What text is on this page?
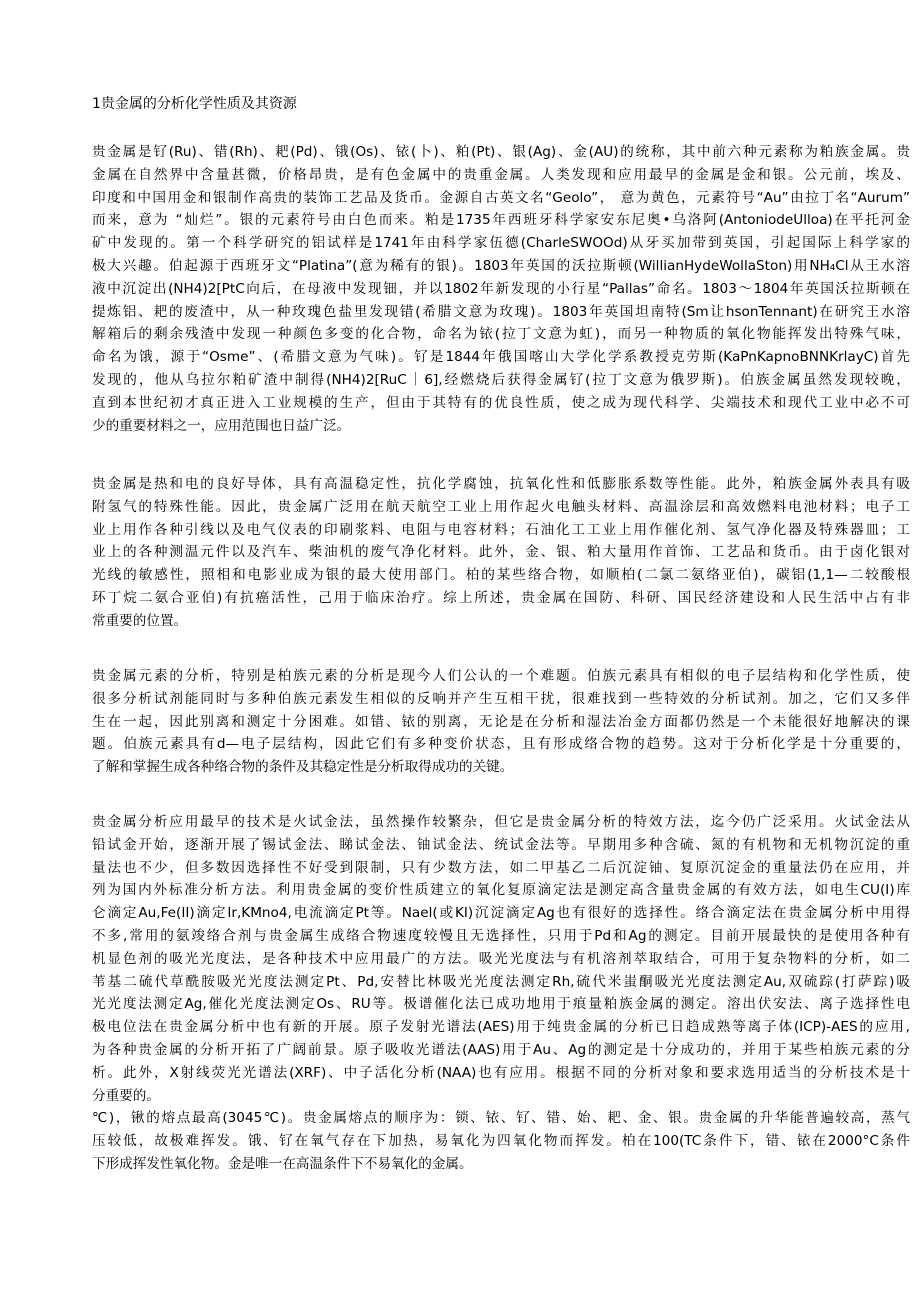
1贵金属的分析化学性质及其资源
贵金属是钌(Ru)、错(Rh)、耙(Pd)、锇(Os)、铱(卜)、粕(Pt)、银(Ag)、金(AU)的统称，其中前六种元素称为粕族金属。贵
金属在自然界中含量甚微，价格昂贵，是有色金属中的贵重金属。人类发现和应用最早的金属是金和银。公元前，埃及、
印度和中国用金和银制作高贵的装饰工艺品及货币。金源自古英文名“Geolo”， 意为黄色，元素符号“Au”由拉丁名“Aurum”
而来，意为 “灿烂”。银的元素符号由白色而来。粕是1735年西班牙科学家安东尼奥•乌洛阿(AntoniodeUlloa)在平托河金
矿中发现的。第一个科学研究的铝试样是1741年由科学家伍德(CharleSWOOd)从牙买加带到英国，引起国际上科学家的
极大兴趣。伯起源于西班牙文“Platina”(意为稀有的银)。1803年英国的沃拉斯顿(WillianHydeWollaSton)用NH₄Cl从王水溶
液中沉淀出(NH4)2[PtC向后，在母液中发现钿，并以1802年新发现的小行星“Pallas”命名。1803～1804年英国沃拉斯顿在
提炼铝、耙的废渣中，从一种玫瑰色盐里发现错(希腊文意为玫瑰)。1803年英国坦南特(Sm让hsonTennant)在研究王水溶
解箱后的剩余残渣中发现一种颜色多变的化合物，命名为铱(拉丁文意为虹)，而另一种物质的氧化物能挥发出特殊气味，
命名为饿，源于“Osme”、(希腊文意为气味)。钌是1844年俄国喀山大学化学系教授克劳斯(KaPnKapnoBNNKrlayC)首先
发现的，他从乌拉尔粕矿渣中制得(NH4)2[RuC｜6],经燃烧后获得金属钌(拉丁文意为俄罗斯)。伯族金属虽然发现较晚，
直到本世纪初才真正进入工业规模的生产，但由于其特有的优良性质，使之成为现代科学、尖端技术和现代工业中必不可
少的重要材料之一，应用范围也日益广泛。
贵金属是热和电的良好导体，具有高温稳定性，抗化学腐蚀，抗氧化性和低膨胀系数等性能。此外，粕族金属外表具有吸
附氢气的特殊性能。因此，贵金属广泛用在航天航空工业上用作起火电触头材料、高温涂层和高效燃料电池材料；电子工
业上用作各种引线以及电气仪表的印刷浆料、电阻与电容材料；石油化工工业上用作催化剂、氢气净化器及特殊器皿；工
业上的各种测温元件以及汽车、柴油机的废气净化材料。此外，金、银、粕大量用作首饰、工艺品和货币。由于卤化银对
光线的敏感性，照相和电影业成为银的最大使用部门。柏的某些络合物，如顺柏(二氯二氨络亚伯)，碳铝(1,1—二较酸根
环丁烷二氨合亚伯)有抗癌活性，己用于临床治疗。综上所述，贵金属在国防、科研、国民经济建设和人民生活中占有非
常重要的位置。
贵金属元素的分析，特别是柏族元素的分析是现今人们公认的一个难题。伯族元素具有相似的电子层结构和化学性质，使
很多分析试剂能同时与多种伯族元素发生相似的反响并产生互相干扰，很难找到一些特效的分析试剂。加之，它们又多伴
生在一起，因此别离和测定十分困难。如错、铱的别离，无论是在分析和湿法冶金方面都仍然是一个未能很好地解决的课
题。伯族元素具有d—电子层结构，因此它们有多种变价状态，且有形成络合物的趋势。这对于分析化学是十分重要的，
了解和掌握生成各种络合物的条件及其稳定性是分析取得成功的关键。
贵金属分析应用最早的技术是火试金法，虽然操作较繁杂，但它是贵金属分析的特效方法，迄今仍广泛采用。火试金法从
铅试金开始，逐渐开展了锡试金法、睇试金法、铀试金法、统试金法等。早期用多种含硫、氮的有机物和无机物沉淀的重
量法也不少，但多数因选择性不好受到限制，只有少数方法，如二甲基乙二后沉淀铀、复原沉淀金的重量法仍在应用，并
列为国内外标准分析方法。利用贵金属的变价性质建立的氧化复原滴定法是测定高含量贵金属的有效方法，如电生CU(I)库
仑滴定Au,Fe(II)滴定Ir,KMno4,电流滴定Pt等。Nael(或KI)沉淀滴定Ag也有很好的选择性。络合滴定法在贵金属分析中用得
不多,常用的氨竣络合剂与贵金属生成络合物速度较慢且无选择性，只用于Pd和Ag的测定。目前开展最快的是使用各种有
机显色剂的吸光光度法，是各种技术中应用最广的方法。吸光光度法与有机溶剂萃取结合，可用于复杂物料的分析，如二
苇基二硫代草酰胺吸光光度法测定Pt、Pd,安替比林吸光光度法测定Rh,硫代米蚩酮吸光光度法测定Au,双硫踪(打萨踪)吸
光光度法测定Ag,催化光度法测定Os、RU等。极谱催化法已成功地用于痕量粕族金属的测定。溶出伏安法、离子选择性电
极电位法在贵金属分析中也有新的开展。原子发射光谱法(AES)用于纯贵金属的分析已日趋成熟等离子体(ICP)-AES的应用,
为各种贵金属的分析开拓了广阔前景。原子吸收光谱法(AAS)用于Au、Ag的测定是十分成功的，并用于某些柏族元素的分
析。此外，X射线荧光光谱法(XRF)、中子活化分析(NAA)也有应用。根据不同的分析对象和要求选用适当的分析技术是十
分重要的。
℃)，锹的熔点最高(3045℃)。贵金属熔点的顺序为：锁、铱、钌、错、始、耙、金、银。贵金属的升华能普遍较高，蒸气
压较低，故极难挥发。饿、钌在氧气存在下加热，易氧化为四氧化物而挥发。柏在100(TC条件下，错、铱在2000°C条件
下形成挥发性氧化物。金是唯一在高温条件下不易氧化的金属。
